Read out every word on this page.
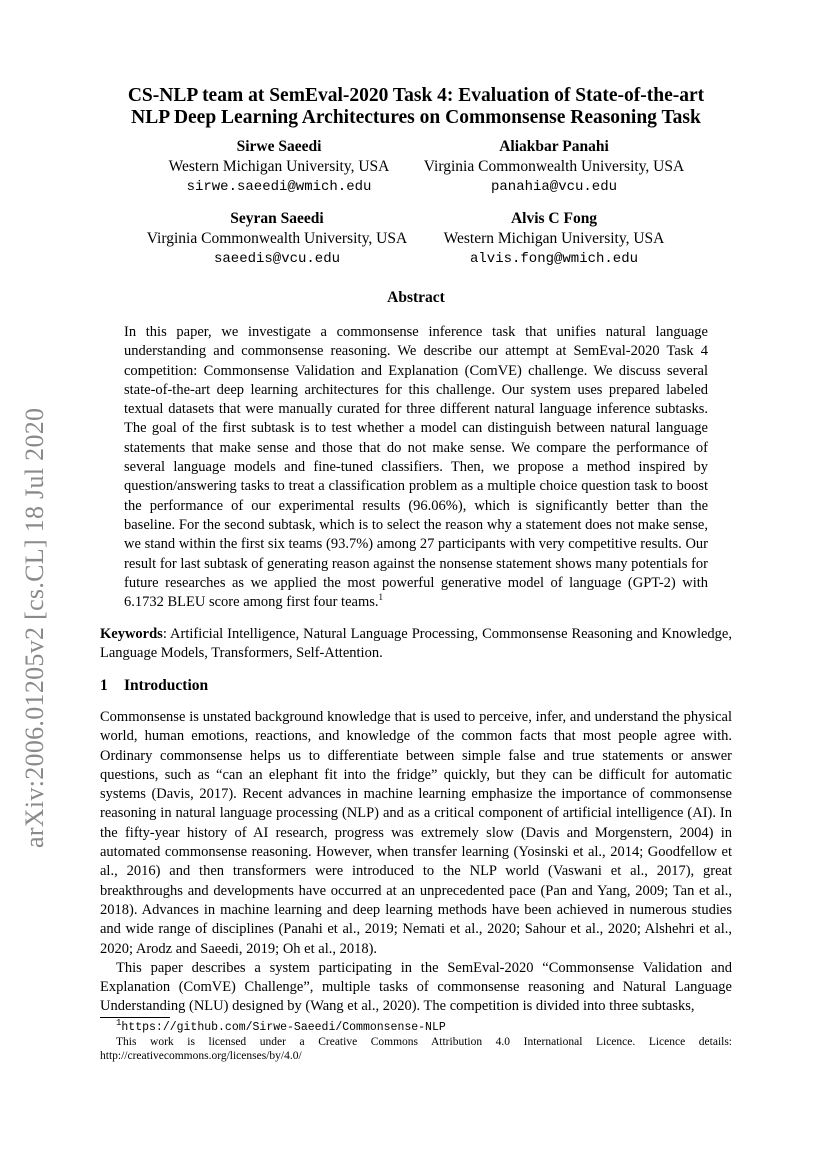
arXiv:2006.01205v2 [cs.CL] 18 Jul 2020
CS-NLP team at SemEval-2020 Task 4: Evaluation of State-of-the-art
NLP Deep Learning Architectures on Commonsense Reasoning Task
Sirwe Saeedi
Western Michigan University, USA
sirwe.saeedi@wmich.edu
Aliakbar Panahi
Virginia Commonwealth University, USA
panahia@vcu.edu
Seyran Saeedi
Virginia Commonwealth University, USA
saeedis@vcu.edu
Alvis C Fong
Western Michigan University, USA
alvis.fong@wmich.edu
Abstract
In this paper, we investigate a commonsense inference task that unifies natural language understanding and commonsense reasoning. We describe our attempt at SemEval-2020 Task 4 competition: Commonsense Validation and Explanation (ComVE) challenge. We discuss several state-of-the-art deep learning architectures for this challenge. Our system uses prepared labeled textual datasets that were manually curated for three different natural language inference subtasks. The goal of the first subtask is to test whether a model can distinguish between natural language statements that make sense and those that do not make sense. We compare the performance of several language models and fine-tuned classifiers. Then, we propose a method inspired by question/answering tasks to treat a classification problem as a multiple choice question task to boost the performance of our experimental results (96.06%), which is significantly better than the baseline. For the second subtask, which is to select the reason why a statement does not make sense, we stand within the first six teams (93.7%) among 27 participants with very competitive results. Our result for last subtask of generating reason against the nonsense statement shows many potentials for future researches as we applied the most powerful generative model of language (GPT-2) with 6.1732 BLEU score among first four teams.$^1$
Keywords: Artificial Intelligence, Natural Language Processing, Commonsense Reasoning and Knowledge, Language Models, Transformers, Self-Attention.
1 Introduction

Commonsense is unstated background knowledge that is used to perceive, infer, and understand the physical world, human emotions, reactions, and knowledge of the common facts that most people agree with. Ordinary commonsense helps us to differentiate between simple false and true statements or answer questions, such as “can an elephant fit into the fridge” quickly, but they can be difficult for automatic systems (Davis, 2017). Recent advances in machine learning emphasize the importance of commonsense reasoning in natural language processing (NLP) and as a critical component of artificial intelligence (AI). In the fifty-year history of AI research, progress was extremely slow (Davis and Morgenstern, 2004) in automated commonsense reasoning. However, when transfer learning (Yosinski et al., 2014; Goodfellow et al., 2016) and then transformers were introduced to the NLP world (Vaswani et al., 2017), great breakthroughs and developments have occurred at an unprecedented pace (Pan and Yang, 2009; Tan et al., 2018). Advances in machine learning and deep learning methods have been achieved in numerous studies and wide range of disciplines (Panahi et al., 2019; Nemati et al., 2020; Sahour et al., 2020; Alshehri et al., 2020; Arodz and Saeedi, 2019; Oh et al., 2018).

This paper describes a system participating in the SemEval-2020 “Commonsense Validation and Explanation (ComVE) Challenge”, multiple tasks of commonsense reasoning and Natural Language Understanding (NLU) designed by (Wang et al., 2020). The competition is divided into three subtasks,

$^1$https://github.com/Sirwe-Saeedi/Commonsense-NLP
This work is licensed under a Creative Commons Attribution 4.0 International Licence. Licence details: http://creativecommons.org/licenses/by/4.0/
